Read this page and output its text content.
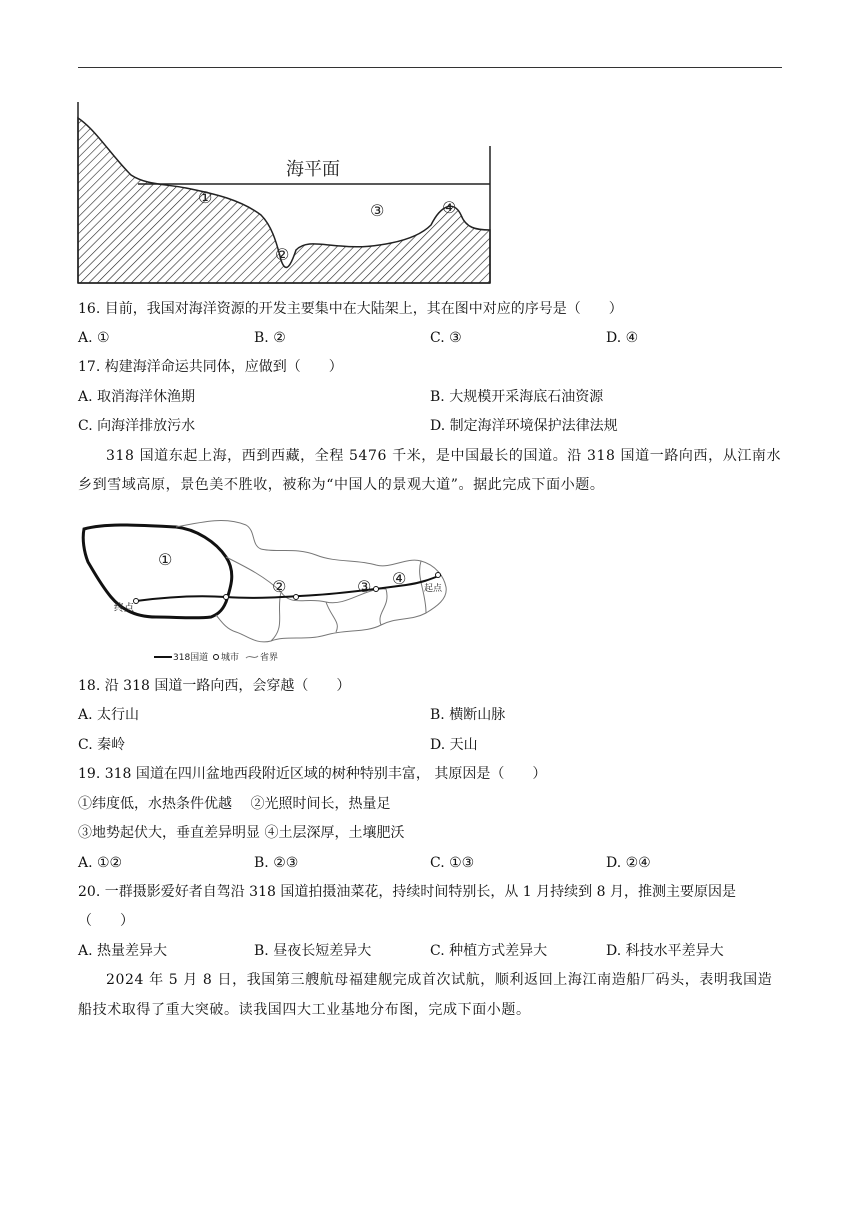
海平面
①
②
③	④
16. 目前，我国对海洋资源的开发主要集中在大陆架上，其在图中对应的序号是（　　）
A. ①	B. ②	C. ③	D. ④
17. 构建海洋命运共同体，应做到（　　）
A. 取消海洋休渔期	B. 大规模开采海底石油资源
C. 向海洋排放污水	D. 制定海洋环境保护法律法规
318 国道东起上海，西到西藏，全程 5476 千米，是中国最长的国道。沿 318 国道一路向西，从江南水
乡到雪域高原，景色美不胜收，被称为“中国人的景观大道”。据此完成下面小题。
①
②	③ ④
终点
起点
318国道 城市 省界
18. 沿 318 国道一路向西，会穿越（　　）
A. 太行山	B. 横断山脉
C. 秦岭	D. 天山
19. 318 国道在四川盆地西段附近区域的树种特别丰富， 其原因是（　　）
①纬度低，水热条件优越　 ②光照时间长，热量足
③地势起伏大，垂直差异明显 ④土层深厚，土壤肥沃
A. ①②	B. ②③	C. ①③	D. ②④
20. 一群摄影爱好者自驾沿 318 国道拍摄油菜花，持续时间特别长，从 1 月持续到 8 月，推测主要原因是
（　　）
A. 热量差异大	B. 昼夜长短差异大	C. 种植方式差异大	D. 科技水平差异大
2024 年 5 月 8 日，我国第三艘航母福建舰完成首次试航，顺利返回上海江南造船厂码头，表明我国造
船技术取得了重大突破。读我国四大工业基地分布图，完成下面小题。
